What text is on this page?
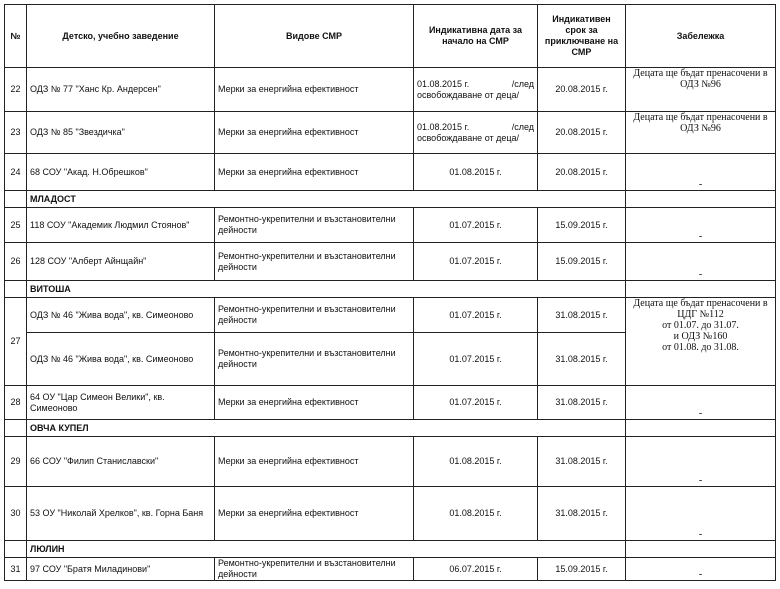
№	Детско, учебно заведение	Видове СМР	Индикативна дата за начало на СМР	Индикативен срок за приключване на СМР	Забележка
22	ОДЗ № 77 "Ханс Кр. Андерсен"	Мерки за енергийна ефективност	01.08.2015 г. /след
освобождаване от деца/	20.08.2015 г.	Децата ще бъдат пренасочени в ОДЗ №96
23	ОДЗ № 85 "Звездичка"	Мерки за енергийна ефективност	01.08.2015 г. /след
освобождаване от деца/	20.08.2015 г.	Децата ще бъдат пренасочени в ОДЗ №96
24	68 СОУ "Акад. Н.Обрешков"	Мерки за енергийна ефективност	01.08.2015 г.	20.08.2015 г.	-
	МЛАДОСТ				
25	118 СОУ "Академик Людмил Стоянов"	Ремонтно-укрепителни и възстановителни дейности	01.07.2015 г.	15.09.2015 г.	-
26	128 СОУ "Алберт Айнщайн"	Ремонтно-укрепителни и възстановителни дейности	01.07.2015 г.	15.09.2015 г.	-
	ВИТОША				
27	ОДЗ № 46 "Жива вода", кв. Симеоново	Ремонтно-укрепителни и възстановителни дейности	01.07.2015 г.	31.08.2015 г.	Децата ще бъдат пренасочени в
ЦДГ №112
от 01.07. до 31.07.
и ОДЗ №160
от 01.08. до 31.08.

	ОДЗ № 46 "Жива вода", кв. Симеоново	Ремонтно-укрепителни и възстановителни дейности	01.07.2015 г.	31.08.2015 г.	
28	64 ОУ "Цар Симеон Велики", кв. Симеоново	Мерки за енергийна ефективност	01.07.2015 г.	31.08.2015 г.	-
	ОВЧА КУПЕЛ				
29	66 СОУ "Филип Станиславски"	Мерки за енергийна ефективност	01.08.2015 г.	31.08.2015 г.	-
30	53 ОУ "Николай Хрелков", кв. Горна Баня	Мерки за енергийна ефективност	01.08.2015 г.	31.08.2015 г.	-
	ЛЮЛИН				
31	97 СОУ "Братя Миладинови"	Ремонтно-укрепителни и възстановителни дейности	06.07.2015 г.	15.09.2015 г.	-
